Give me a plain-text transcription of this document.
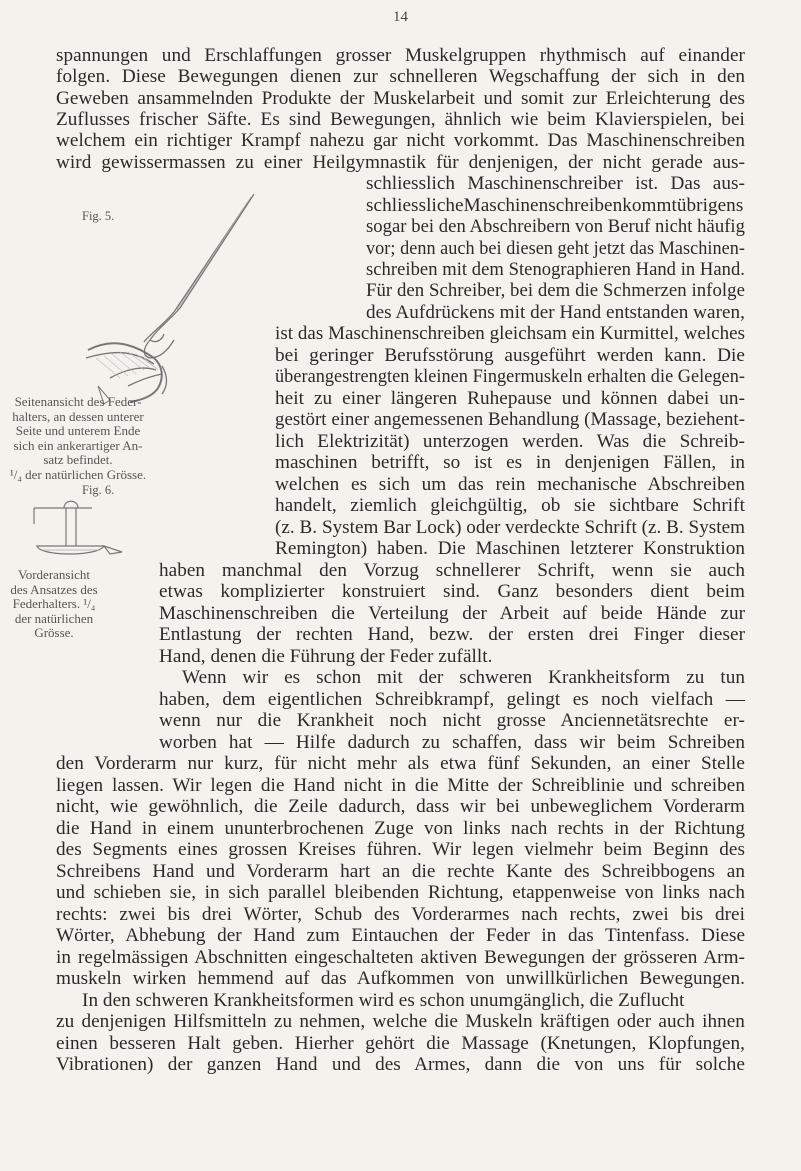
14
Fig. 5.
Seitenansicht des Feder-
halters, an dessen unterer
Seite und unterem Ende
sich ein ankerartiger An-
satz befindet.
¹/₄ der natürlichen Grösse.
Fig. 6.
Vorderansicht
des Ansatzes des
Federhalters. ¹/₄
der natürlichen
Grösse.
spannungen und Erschlaffungen grosser Muskelgruppen rhythmisch auf einander
folgen. Diese Bewegungen dienen zur schnelleren Wegschaffung der sich in den
Geweben ansammelnden Produkte der Muskelarbeit und somit zur Erleichterung des
Zuflusses frischer Säfte. Es sind Bewegungen, ähnlich wie beim Klavierspielen, bei
welchem ein richtiger Krampf nahezu gar nicht vorkommt. Das Maschinenschreiben
wird gewissermassen zu einer Heilgymnastik für denjenigen, der nicht gerade aus-
schliesslich Maschinenschreiber ist. Das aus-
schliesslicheMaschinenschreibenkommtübrigens
sogar bei den Abschreibern von Beruf nicht häufig
vor; denn auch bei diesen geht jetzt das Maschinen-
schreiben mit dem Stenographieren Hand in Hand.
Für den Schreiber, bei dem die Schmerzen infolge
des Aufdrückens mit der Hand entstanden waren,
ist das Maschinenschreiben gleichsam ein Kurmittel, welches
bei geringer Berufsstörung ausgeführt werden kann. Die
überangestrengten kleinen Fingermuskeln erhalten die Gelegen-
heit zu einer längeren Ruhepause und können dabei un-
gestört einer angemessenen Behandlung (Massage, beziehent-
lich Elektrizität) unterzogen werden. Was die Schreib-
maschinen betrifft, so ist es in denjenigen Fällen, in
welchen es sich um das rein mechanische Abschreiben
handelt, ziemlich gleichgültig, ob sie sichtbare Schrift
(z. B. System Bar Lock) oder verdeckte Schrift (z. B. System
Remington) haben. Die Maschinen letzterer Konstruktion
haben manchmal den Vorzug schnellerer Schrift, wenn sie auch
etwas komplizierter konstruiert sind. Ganz besonders dient beim
Maschinenschreiben die Verteilung der Arbeit auf beide Hände zur
Entlastung der rechten Hand, bezw. der ersten drei Finger dieser
Hand, denen die Führung der Feder zufällt.
Wenn wir es schon mit der schweren Krankheitsform zu tun
haben, dem eigentlichen Schreibkrampf, gelingt es noch vielfach —
wenn nur die Krankheit noch nicht grosse Anciennetätsrechte er-
worben hat — Hilfe dadurch zu schaffen, dass wir beim Schreiben
den Vorderarm nur kurz, für nicht mehr als etwa fünf Sekunden, an einer Stelle
liegen lassen. Wir legen die Hand nicht in die Mitte der Schreiblinie und schreiben
nicht, wie gewöhnlich, die Zeile dadurch, dass wir bei unbeweglichem Vorderarm
die Hand in einem ununterbrochenen Zuge von links nach rechts in der Richtung
des Segments eines grossen Kreises führen. Wir legen vielmehr beim Beginn des
Schreibens Hand und Vorderarm hart an die rechte Kante des Schreibbogens an
und schieben sie, in sich parallel bleibenden Richtung, etappenweise von links nach
rechts: zwei bis drei Wörter, Schub des Vorderarmes nach rechts, zwei bis drei
Wörter, Abhebung der Hand zum Eintauchen der Feder in das Tintenfass. Diese
in regelmässigen Abschnitten eingeschalteten aktiven Bewegungen der grösseren Arm-
muskeln wirken hemmend auf das Aufkommen von unwillkürlichen Bewegungen.
In den schweren Krankheitsformen wird es schon unumgänglich, die Zuflucht
zu denjenigen Hilfsmitteln zu nehmen, welche die Muskeln kräftigen oder auch ihnen
einen besseren Halt geben. Hierher gehört die Massage (Knetungen, Klopfungen,
Vibrationen) der ganzen Hand und des Armes, dann die von uns für solche
